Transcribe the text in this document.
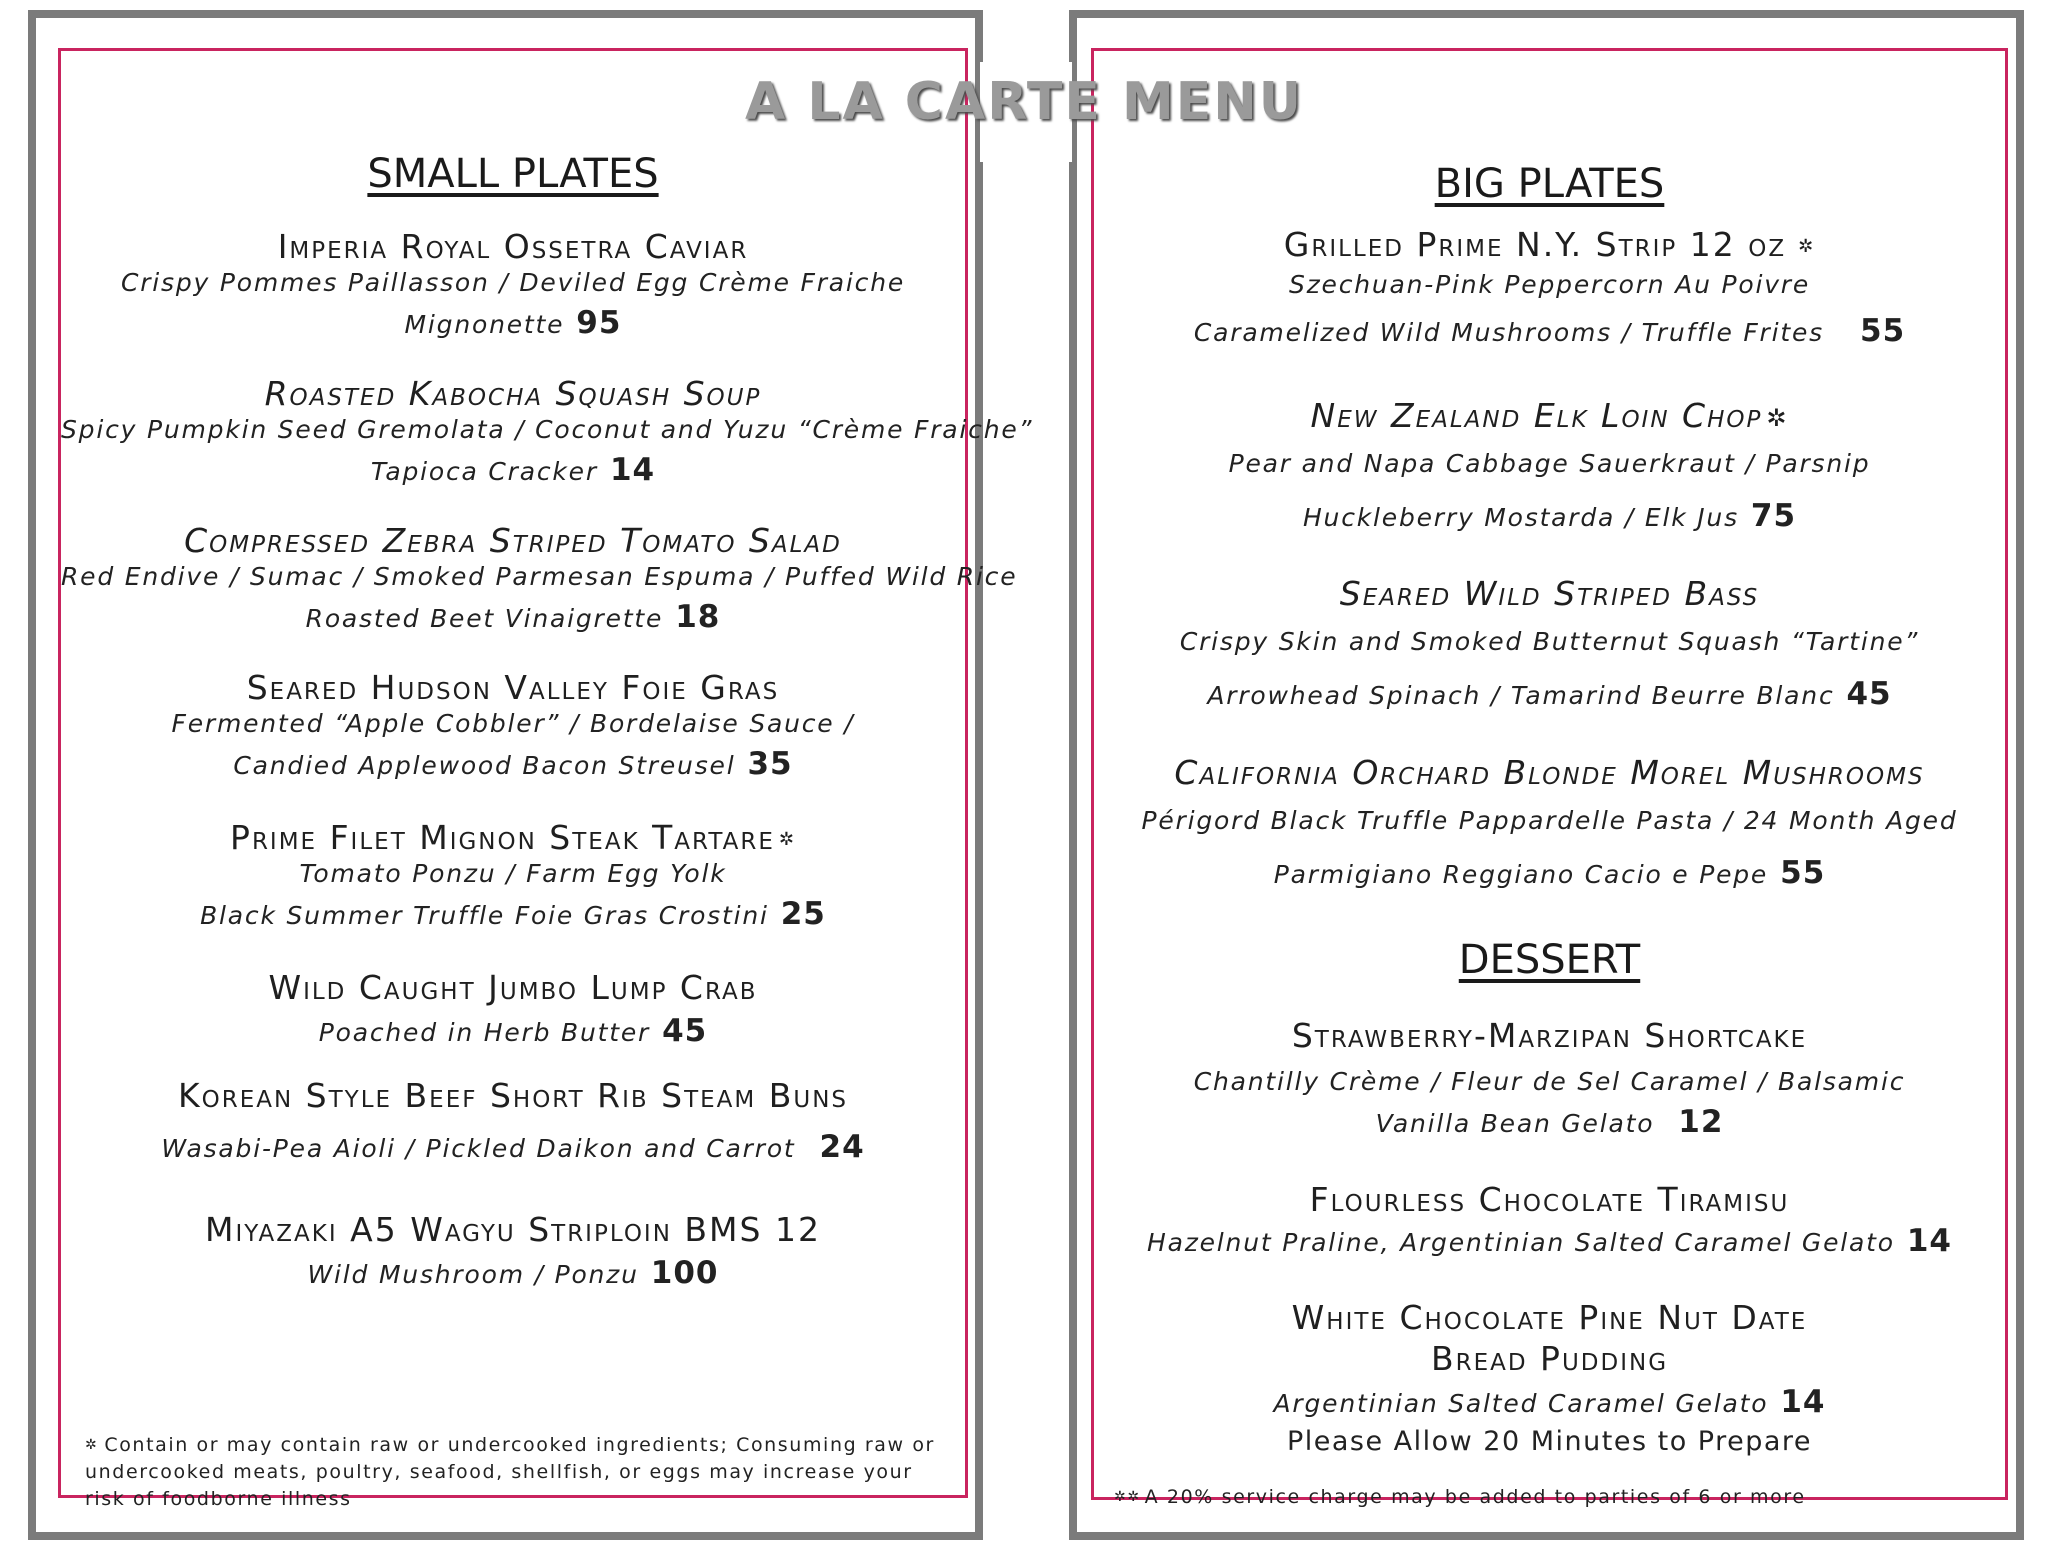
SMALL PLATES
Imperia Royal Ossetra Caviar
Crispy Pommes Paillasson / Deviled Egg Crème Fraiche
Mignonette 95
Roasted Kabocha Squash Soup
Spicy Pumpkin Seed Gremolata / Coconut and Yuzu “Crème Fraiche”
Tapioca Cracker 14
Compressed Zebra Striped Tomato Salad
Red Endive / Sumac / Smoked Parmesan Espuma / Puffed Wild Rice
Roasted Beet Vinaigrette 18
Seared Hudson Valley Foie Gras
Fermented “Apple Cobbler” / Bordelaise Sauce /
Candied Applewood Bacon Streusel 35
Prime Filet Mignon Steak Tartare ✲
Tomato Ponzu / Farm Egg Yolk
Black Summer Truffle Foie Gras Crostini 25
Wild Caught Jumbo Lump Crab
Poached in Herb Butter 45
Korean Style Beef Short Rib Steam Buns
Wasabi-Pea Aioli / Pickled Daikon and Carrot 24
Miyazaki A5 Wagyu Striploin BMS 12
Wild Mushroom / Ponzu 100
✲ Contain or may contain raw or undercooked ingredients; Consuming raw or undercooked meats, poultry, seafood, shellfish, or eggs may increase your risk of foodborne illness
BIG PLATES
Grilled Prime N.Y. Strip 12 oz ✲
Szechuan-Pink Peppercorn Au Poivre
Caramelized Wild Mushrooms / Truffle Frites 55
New Zealand Elk Loin Chop ✲
Pear and Napa Cabbage Sauerkraut / Parsnip
Huckleberry Mostarda / Elk Jus 75
Seared Wild Striped Bass
Crispy Skin and Smoked Butternut Squash “Tartine”
Arrowhead Spinach / Tamarind Beurre Blanc 45
California Orchard Blonde Morel Mushrooms
Périgord Black Truffle Pappardelle Pasta / 24 Month Aged
Parmigiano Reggiano Cacio e Pepe 55
DESSERT
Strawberry-Marzipan Shortcake
Chantilly Crème / Fleur de Sel Caramel / Balsamic
Vanilla Bean Gelato 12
Flourless Chocolate Tiramisu
Hazelnut Praline, Argentinian Salted Caramel Gelato 14
White Chocolate Pine Nut Date
Bread Pudding
Argentinian Salted Caramel Gelato 14
Please Allow 20 Minutes to Prepare
✲✲ A 20% service charge may be added to parties of 6 or more
A LA CARTE MENU
